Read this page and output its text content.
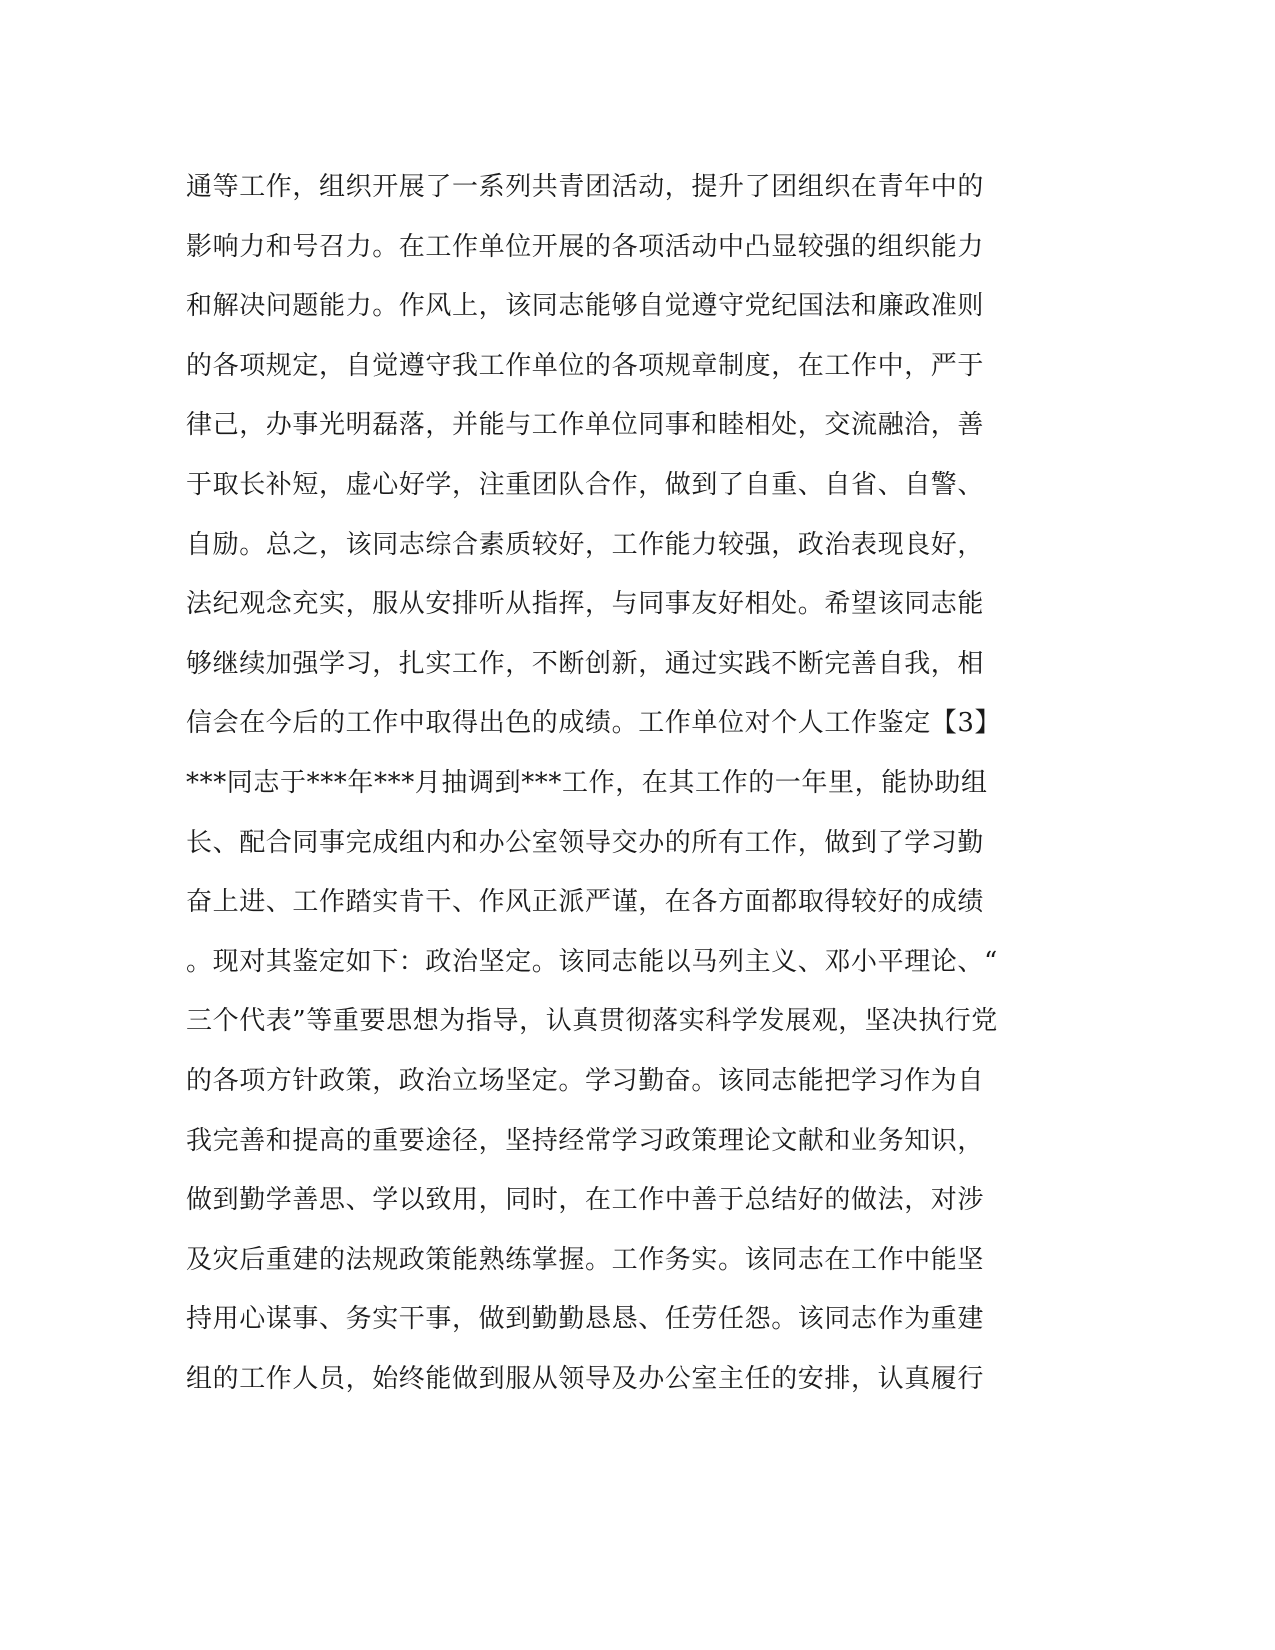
通等工作，组织开展了一系列共青团活动，提升了团组织在青年中的
影响力和号召力。在工作单位开展的各项活动中凸显较强的组织能力
和解决问题能力。作风上，该同志能够自觉遵守党纪国法和廉政准则
的各项规定，自觉遵守我工作单位的各项规章制度，在工作中，严于
律己，办事光明磊落，并能与工作单位同事和睦相处，交流融洽，善
于取长补短，虚心好学，注重团队合作，做到了自重、自省、自警、
自励。总之，该同志综合素质较好，工作能力较强，政治表现良好，
法纪观念充实，服从安排听从指挥，与同事友好相处。希望该同志能
够继续加强学习，扎实工作，不断创新，通过实践不断完善自我，相
信会在今后的工作中取得出色的成绩。工作单位对个人工作鉴定【3】
***同志于***年***月抽调到***工作，在其工作的一年里，能协助组
长、配合同事完成组内和办公室领导交办的所有工作，做到了学习勤
奋上进、工作踏实肯干、作风正派严谨，在各方面都取得较好的成绩
。现对其鉴定如下：政治坚定。该同志能以马列主义、邓小平理论、“
三个代表”等重要思想为指导，认真贯彻落实科学发展观，坚决执行党
的各项方针政策，政治立场坚定。学习勤奋。该同志能把学习作为自
我完善和提高的重要途径，坚持经常学习政策理论文献和业务知识，
做到勤学善思、学以致用，同时，在工作中善于总结好的做法，对涉
及灾后重建的法规政策能熟练掌握。工作务实。该同志在工作中能坚
持用心谋事、务实干事，做到勤勤恳恳、任劳任怨。该同志作为重建
组的工作人员，始终能做到服从领导及办公室主任的安排，认真履行
